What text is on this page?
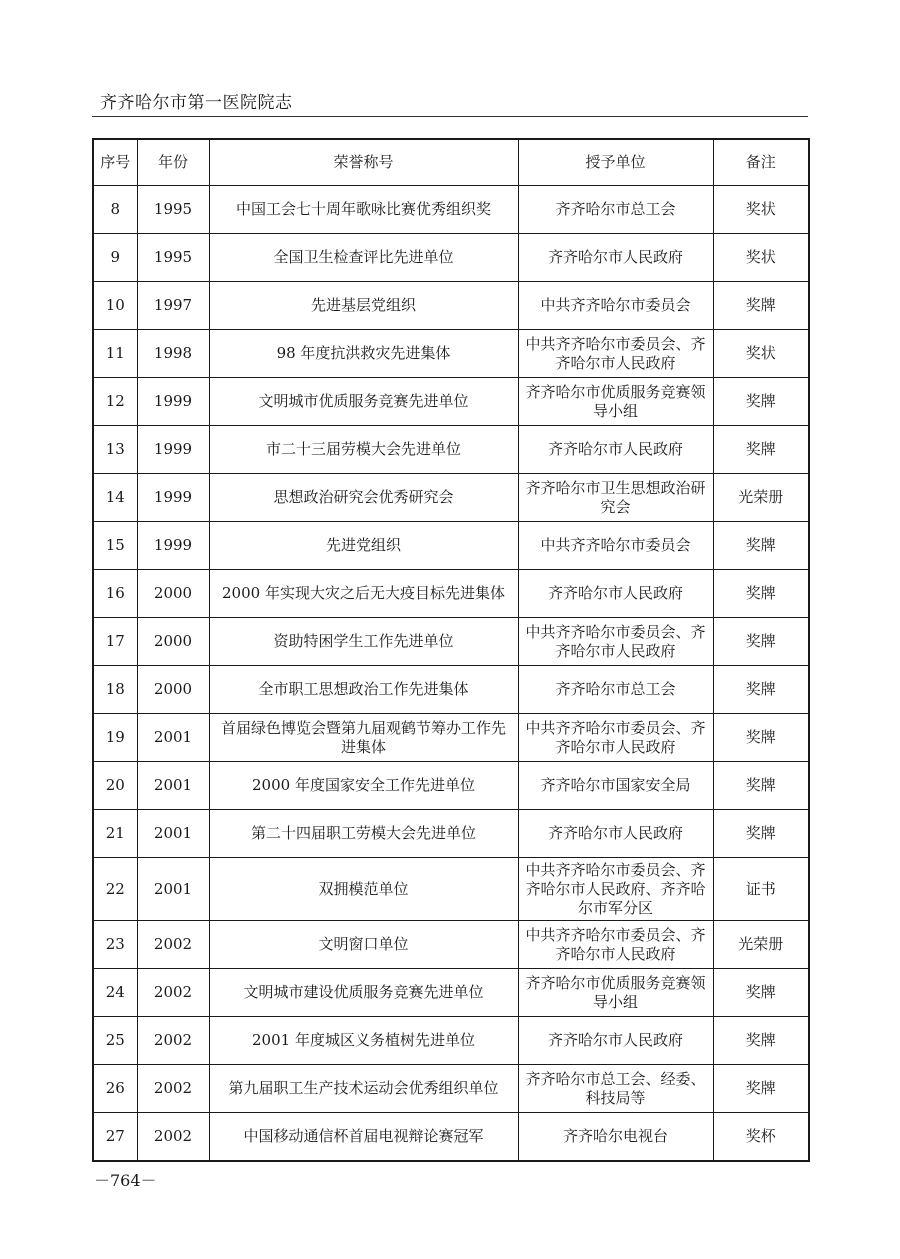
齐齐哈尔市第一医院院志
序号	年份	荣誉称号	授予单位	备注
8	1995	中国工会七十周年歌咏比赛优秀组织奖	齐齐哈尔市总工会	奖状
9	1995	全国卫生检查评比先进单位	齐齐哈尔市人民政府	奖状
10	1997	先进基层党组织	中共齐齐哈尔市委员会	奖牌
11	1998	98 年度抗洪救灾先进集体	中共齐齐哈尔市委员会、齐齐哈尔市人民政府	奖状
12	1999	文明城市优质服务竞赛先进单位	齐齐哈尔市优质服务竞赛领导小组	奖牌
13	1999	市二十三届劳模大会先进单位	齐齐哈尔市人民政府	奖牌
14	1999	思想政治研究会优秀研究会	齐齐哈尔市卫生思想政治研究会	光荣册
15	1999	先进党组织	中共齐齐哈尔市委员会	奖牌
16	2000	2000 年实现大灾之后无大疫目标先进集体	齐齐哈尔市人民政府	奖牌
17	2000	资助特困学生工作先进单位	中共齐齐哈尔市委员会、齐齐哈尔市人民政府	奖牌
18	2000	全市职工思想政治工作先进集体	齐齐哈尔市总工会	奖牌
19	2001	首届绿色博览会暨第九届观鹤节筹办工作先进集体	中共齐齐哈尔市委员会、齐齐哈尔市人民政府	奖牌
20	2001	2000 年度国家安全工作先进单位	齐齐哈尔市国家安全局	奖牌
21	2001	第二十四届职工劳模大会先进单位	齐齐哈尔市人民政府	奖牌
22	2001	双拥模范单位	中共齐齐哈尔市委员会、齐齐哈尔市人民政府、齐齐哈尔市军分区	证书
23	2002	文明窗口单位	中共齐齐哈尔市委员会、齐齐哈尔市人民政府	光荣册
24	2002	文明城市建设优质服务竞赛先进单位	齐齐哈尔市优质服务竞赛领导小组	奖牌
25	2002	2001 年度城区义务植树先进单位	齐齐哈尔市人民政府	奖牌
26	2002	第九届职工生产技术运动会优秀组织单位	齐齐哈尔市总工会、经委、科技局等	奖牌
27	2002	中国移动通信杯首届电视辩论赛冠军	齐齐哈尔电视台	奖杯
－764－
